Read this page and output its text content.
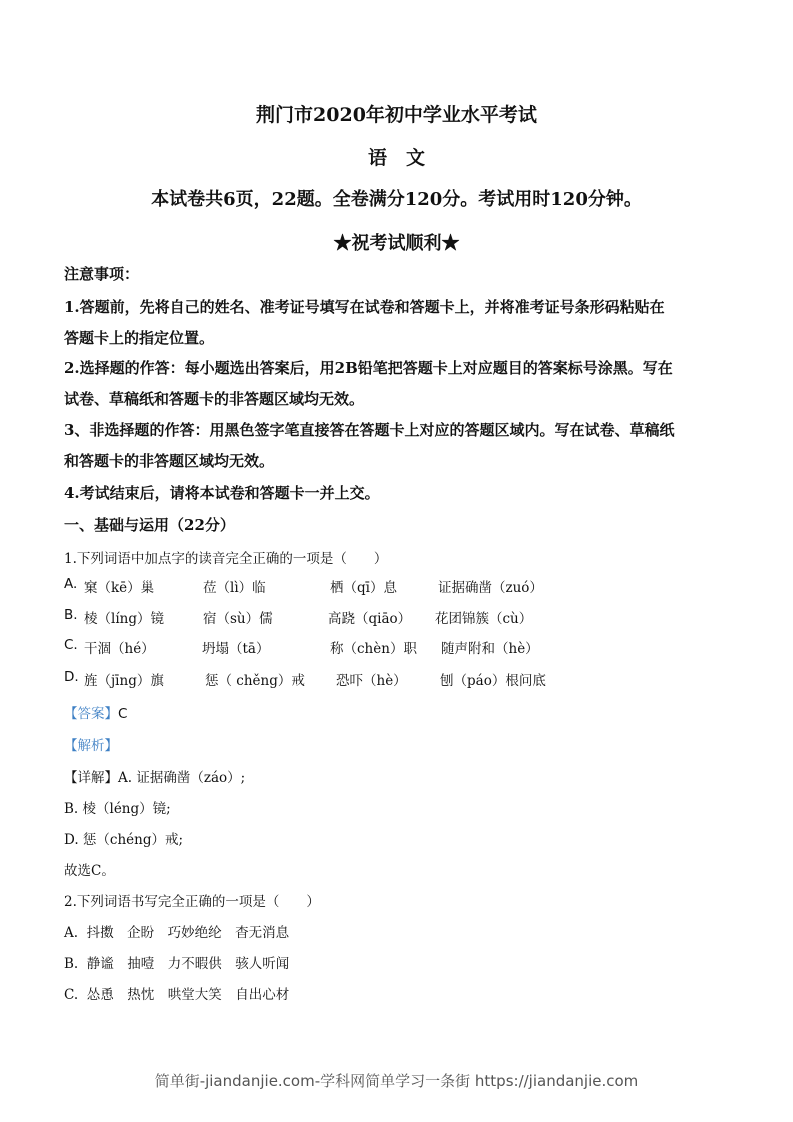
荆门市2020年初中学业水平考试
语　文
本试卷共6页，22题。全卷满分120分。考试用时120分钟。
★祝考试顺利★
注意事项：
1.答题前，先将自己的姓名、准考证号填写在试卷和答题卡上，并将准考证号条形码粘贴在
答题卡上的指定位置。
2.选择题的作答：每小题选出答案后，用2B铅笔把答题卡上对应题目的答案标号涂黑。写在
试卷、草稿纸和答题卡的非答题区域均无效。
3、非选择题的作答：用黑色签字笔直接答在答题卡上对应的答题区域内。写在试卷、草稿纸
和答题卡的非答题区域均无效。
4.考试结束后，请将本试卷和答题卡一并上交。
一、基础与运用（22分）
1.下列词语中加点字的读音完全正确的一项是（　　）
A. 窠（kē）巢	莅（lì）临	栖（qī）息	证据确凿（zuó）
B. 棱（líng）镜	宿（sù）儒	高跷（qiāo） 花团锦簇（cù）
C. 干涸（hé）	坍塌（tā）	称（chèn）职 随声附和（hè）
D. 旌（jīng）旗	惩（ chěng）戒 恐吓（hè） 刨（páo）根问底
【答案】C
【解析】
【详解】A. 证据确凿（záo）;
B. 棱（léng）镜;
D. 惩（chéng）戒;
故选C。
2.下列词语书写完全正确的一项是（　　）
A.  抖擞　企盼　巧妙绝纶　杳无消息
B.  静谧　抽噎　力不暇供　骇人听闻
C.  怂恿　热忱　哄堂大笑　自出心材
简单街-jiandanjie.com-学科网简单学习一条街 https://jiandanjie.com
